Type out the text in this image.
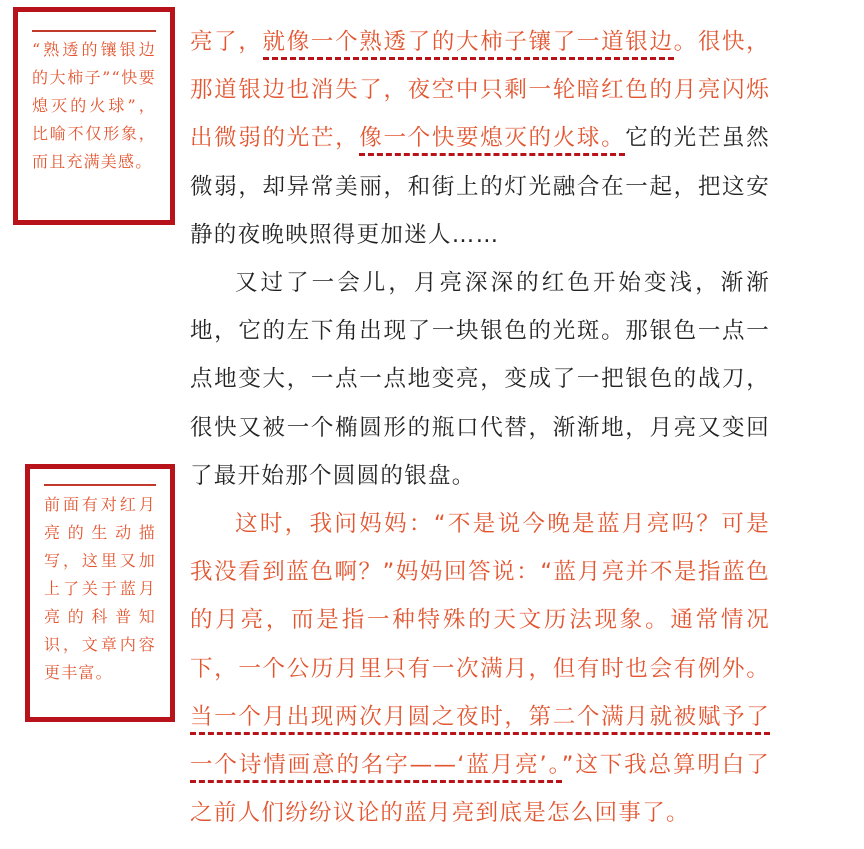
“熟透的镶银边的大柿子”“快要熄灭的火球”，比喻不仅形象，而且充满美感。
前面有对红月亮的生动描写，这里又加上了关于蓝月亮的科普知识，文章内容更丰富。

亮了，就像一个熟透了的大柿子镶了一道银边。很快，那道银边也消失了，夜空中只剩一轮暗红色的月亮闪烁出微弱的光芒，像一个快要熄灭的火球。它的光芒虽然微弱，却异常美丽，和街上的灯光融合在一起，把这安静的夜晚映照得更加迷人……

又过了一会儿，月亮深深的红色开始变浅，渐渐地，它的左下角出现了一块银色的光斑。那银色一点一点地变大，一点一点地变亮，变成了一把银色的战刀，很快又被一个椭圆形的瓶口代替，渐渐地，月亮又变回了最开始那个圆圆的银盘。

这时，我问妈妈：“不是说今晚是蓝月亮吗？可是我没看到蓝色啊？”妈妈回答说：“蓝月亮并不是指蓝色的月亮，而是指一种特殊的天文历法现象。通常情况下，一个公历月里只有一次满月，但有时也会有例外。当一个月出现两次月圆之夜时，第二个满月就被赋予了一个诗情画意的名字——‘蓝月亮’。”这下我总算明白了之前人们纷纷议论的蓝月亮到底是怎么回事了。
